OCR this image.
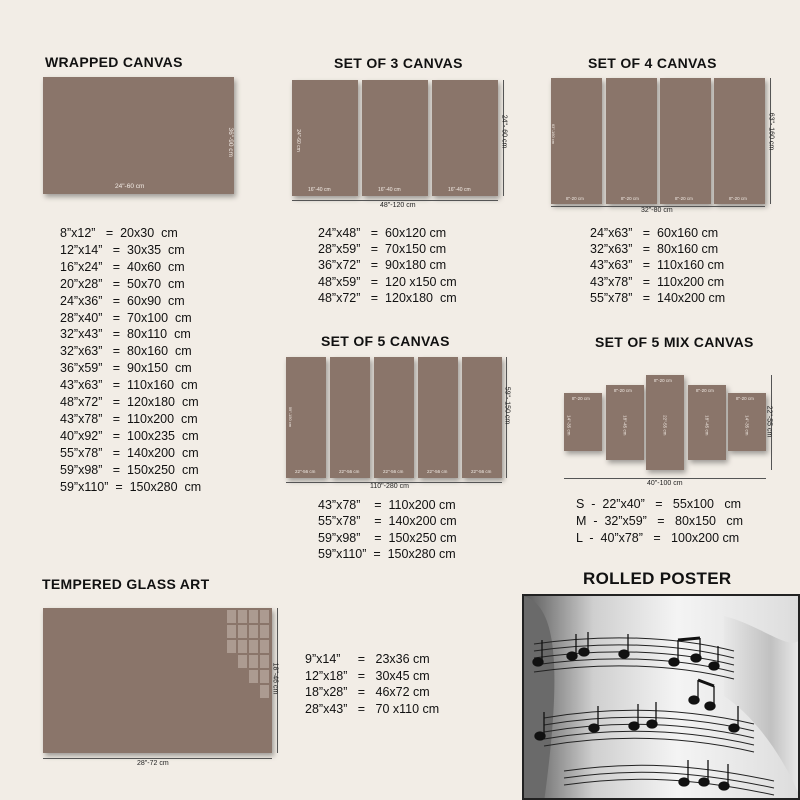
WRAPPED CANVAS
24"-60 cm
36"-90 cm
8”x12”   =  20x30  cm
12”x14”   =  30x35  cm
16”x24”   =  40x60  cm
20”x28”   =  50x70  cm
24”x36”   =  60x90  cm
28”x40”   =  70x100  cm
32”x43”   =  80x110  cm
32”x63”   =  80x160  cm
36”x59”   =  90x150  cm
43”x63”   =  110x160  cm
48”x72”   =  120x180  cm
43”x78”   =  110x200  cm
40”x92”   =  100x235  cm
55”x78”   =  140x200  cm
59”x98”   =  150x250  cm
59”x110”  =  150x280  cm
SET OF 3 CANVAS
24"-60 cm
16"-40 cm	16"-40 cm	16"-40 cm
48"-120 cm
24"- 60 cm
24”x48”   =  60x120 cm
28”x59”   =  70x150 cm
36”x72”   =  90x180 cm
48”x59”   =  120 x150 cm
48”x72”   =  120x180  cm
SET OF 4 CANVAS
63"-160 cm
8"-20 cm	8"-20 cm	8"-20 cm	8"-20 cm
32"-80 cm
63"- 160 cm
24”x63”   =  60x160 cm
32”x63”   =  80x160 cm
43”x63”   =  110x160 cm
43”x78”   =  110x200 cm
55”x78”   =  140x200 cm
SET OF 5 CANVAS
59"-150 cm
22"-56 cm	22"-56 cm	22"-56 cm	22"-56 cm	22"-56 cm
110"-280 cm
59"- 150 cm
43”x78”    =  110x200 cm
55”x78”    =  140x200 cm
59”x98”    =  150x250 cm
59”x110”  =  150x280 cm
SET OF 5 MIX CANVAS
8"-20 cm
14"-35 cm
8"-20 cm
18"-45 cm
8"-20 cm
22"-55 cm
8"-20 cm
18"-45 cm
8"-20 cm
14"-35 cm
40"-100 cm
22"-55 cm
S  -  22”x40”   =   55x100   cm
M  -  32”x59”   =   80x150   cm
L  -  40”x78”   =   100x200 cm
TEMPERED GLASS ART
28"-72 cm
18"-46 cm
9”x14”     =   23x36 cm
12”x18”   =   30x45 cm
18”x28”   =   46x72 cm
28”x43”   =   70 x110 cm
ROLLED POSTER
